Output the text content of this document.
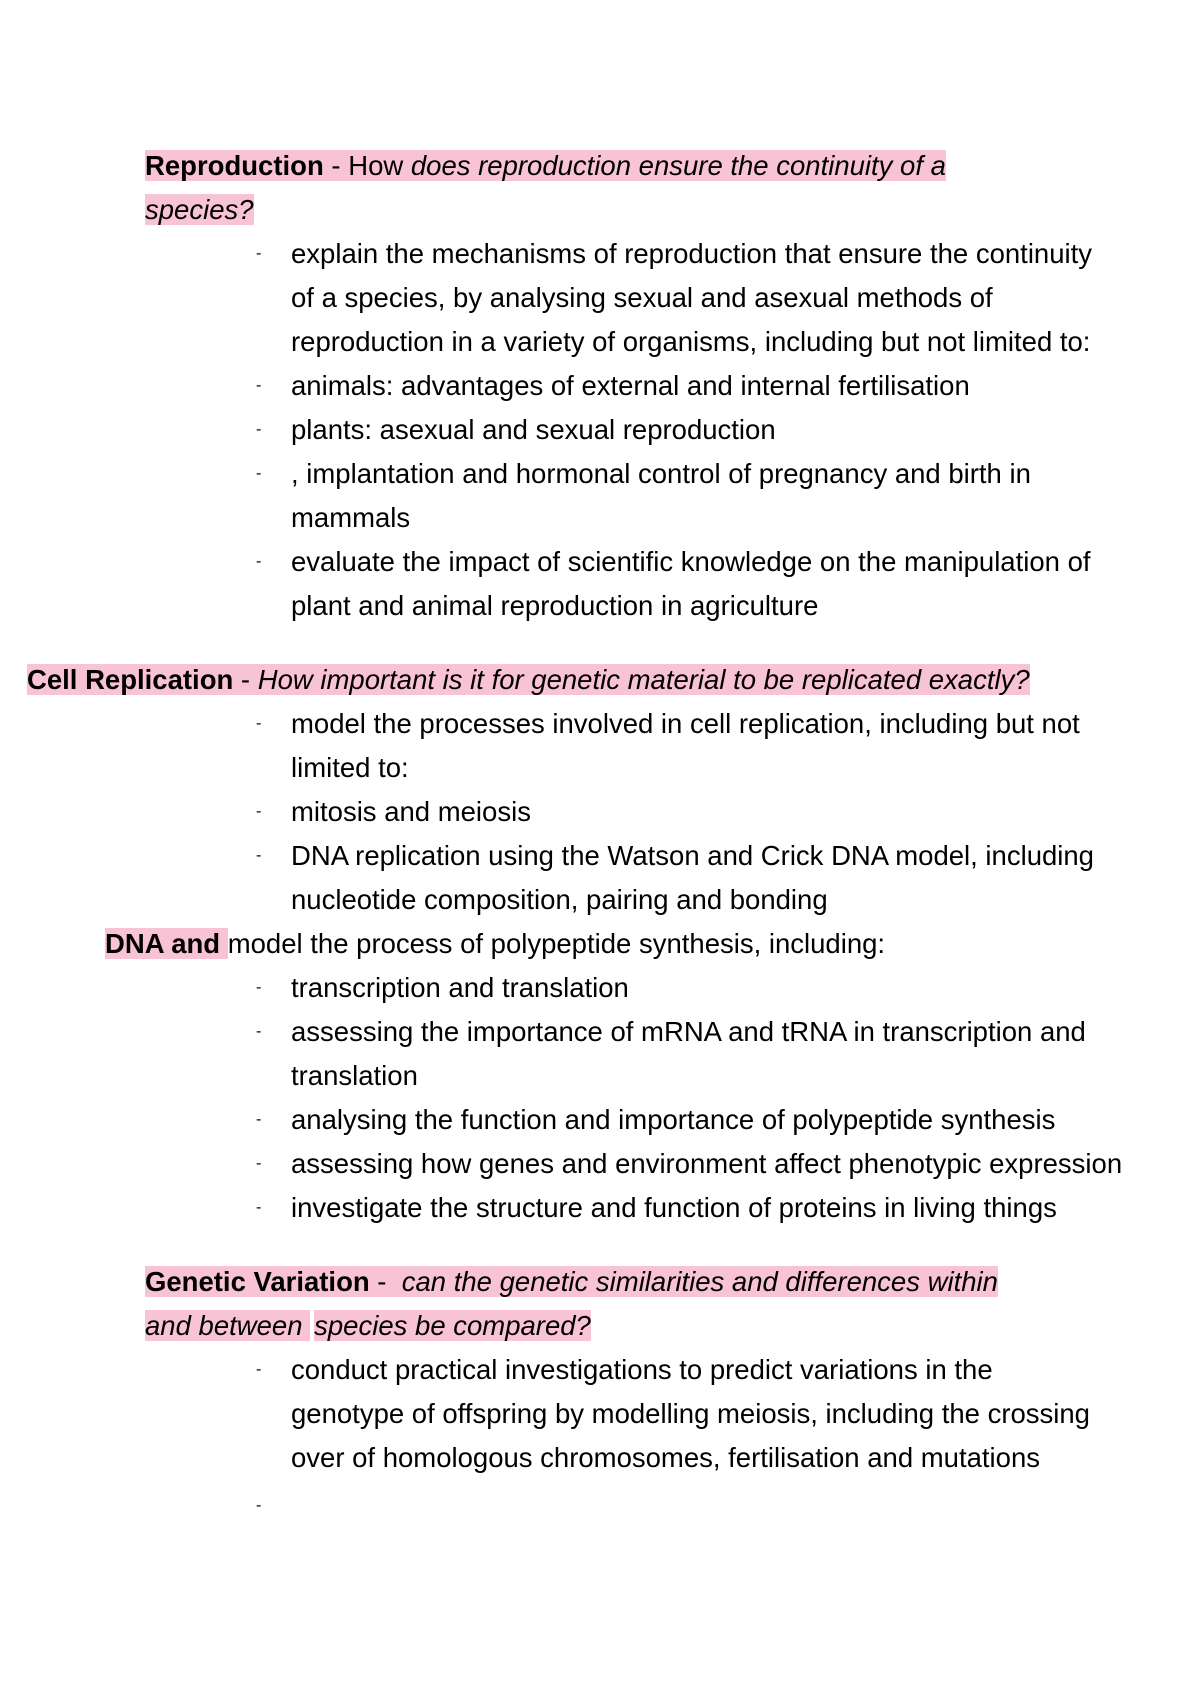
Reproduction - How does reproduction ensure the continuity of a
species?
- explain the mechanisms of reproduction that ensure the continuity
of a species, by analysing sexual and asexual methods of
reproduction in a variety of organisms, including but not limited to:
- animals: advantages of external and internal fertilisation
- plants: asexual and sexual reproduction
- , implantation and hormonal control of pregnancy and birth in
mammals
- evaluate the impact of scientific knowledge on the manipulation of
plant and animal reproduction in agriculture
Cell Replication - How important is it for genetic material to be replicated exactly?
- model the processes involved in cell replication, including but not
limited to:
- mitosis and meiosis
- DNA replication using the Watson and Crick DNA model, including
nucleotide composition, pairing and bonding
DNA and model the process of polypeptide synthesis, including:
- transcription and translation
- assessing the importance of mRNA and tRNA in transcription and
translation
- analysing the function and importance of polypeptide synthesis
- assessing how genes and environment affect phenotypic expression
- investigate the structure and function of proteins in living things
Genetic Variation -  can the genetic similarities and differences within
and between species be compared?
- conduct practical investigations to predict variations in the
genotype of offspring by modelling meiosis, including the crossing
over of homologous chromosomes, fertilisation and mutations
-
